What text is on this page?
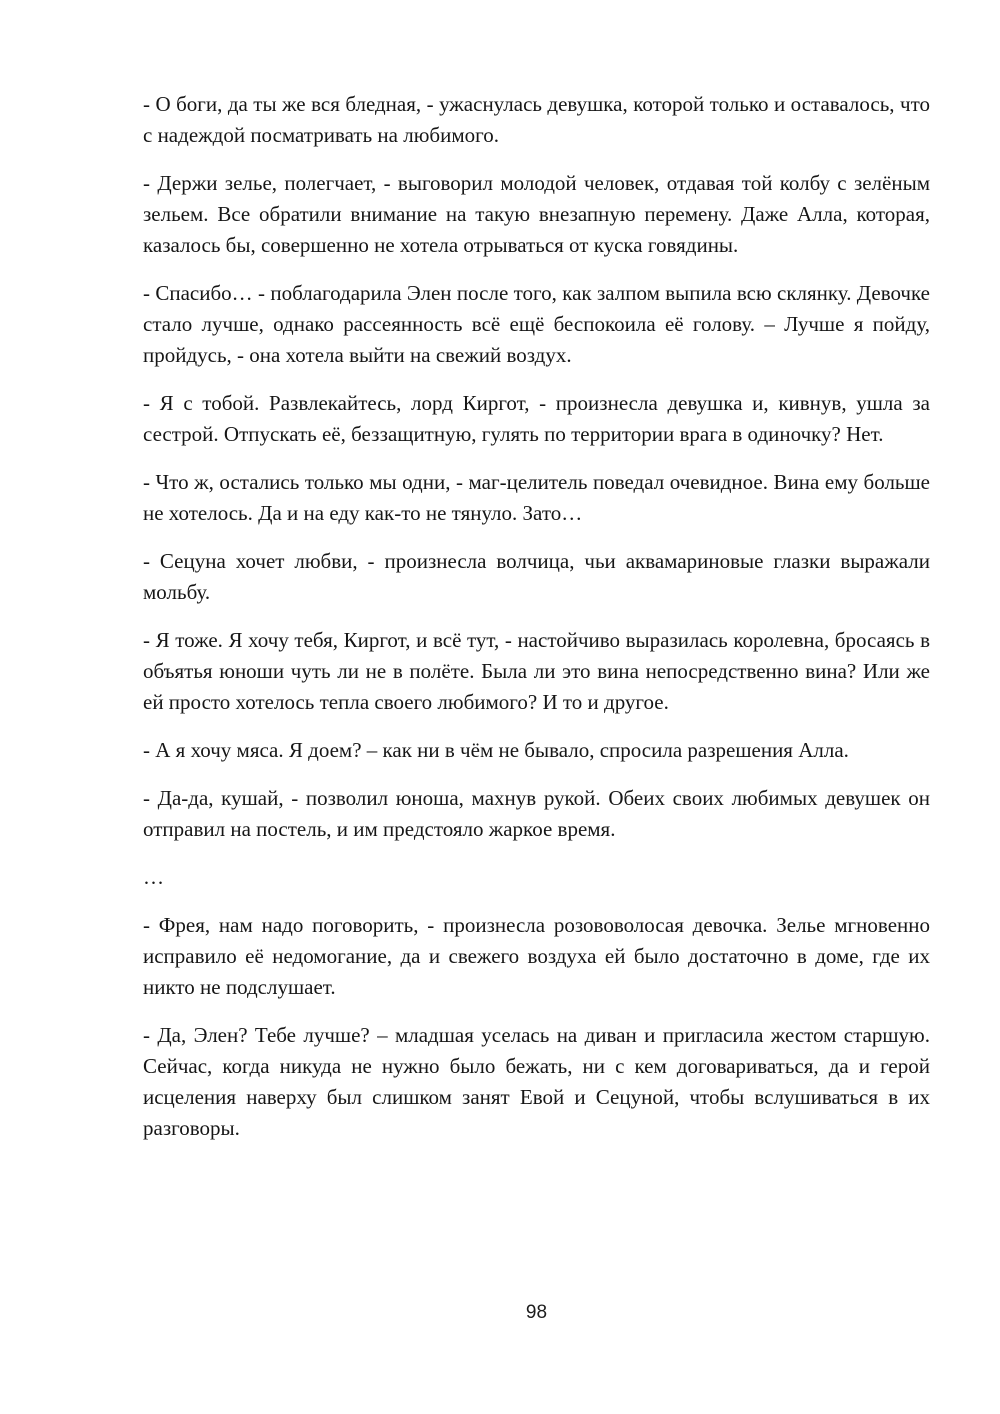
- О боги, да ты же вся бледная, - ужаснулась девушка, которой только и оставалось, что с надеждой посматривать на любимого.

- Держи зелье, полегчает, - выговорил молодой человек, отдавая той колбу с зелёным зельем. Все обратили внимание на такую внезапную перемену. Даже Алла, которая, казалось бы, совершенно не хотела отрываться от куска говядины.

- Спасибо… - поблагодарила Элен после того, как залпом выпила всю склянку. Девочке стало лучше, однако рассеянность всё ещё беспокоила её голову. – Лучше я пойду, пройдусь, - она хотела выйти на свежий воздух.

- Я с тобой. Развлекайтесь, лорд Киргот, - произнесла девушка и, кивнув, ушла за сестрой. Отпускать её, беззащитную, гулять по территории врага в одиночку? Нет.

- Что ж, остались только мы одни, - маг-целитель поведал очевидное. Вина ему больше не хотелось. Да и на еду как-то не тянуло. Зато…

- Сецуна хочет любви, - произнесла волчица, чьи аквамариновые глазки выражали мольбу.

- Я тоже. Я хочу тебя, Киргот, и всё тут, - настойчиво выразилась королевна, бросаясь в объятья юноши чуть ли не в полёте. Была ли это вина непосредственно вина? Или же ей просто хотелось тепла своего любимого? И то и другое.

- А я хочу мяса. Я доем? – как ни в чём не бывало, спросила разрешения Алла.

- Да-да, кушай, - позволил юноша, махнув рукой. Обеих своих любимых девушек он отправил на постель, и им предстояло жаркое время.

…

- Фрея, нам надо поговорить, - произнесла розововолосая девочка. Зелье мгновенно исправило её недомогание, да и свежего воздуха ей было достаточно в доме, где их никто не подслушает.

- Да, Элен? Тебе лучше? – младшая уселась на диван и пригласила жестом старшую. Сейчас, когда никуда не нужно было бежать, ни с кем договариваться, да и герой исцеления наверху был слишком занят Евой и Сецуной, чтобы вслушиваться в их разговоры.

98
